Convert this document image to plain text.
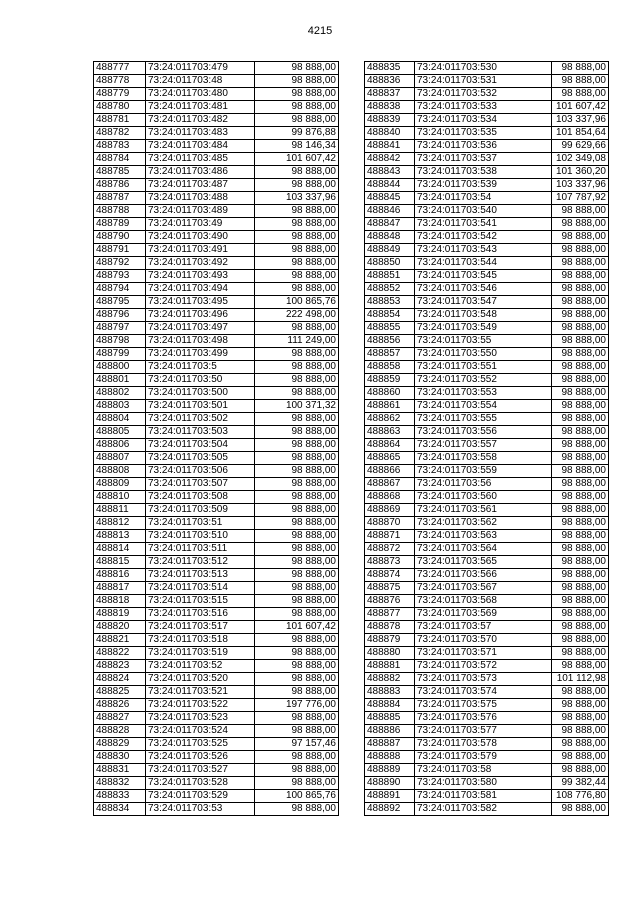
4215
488777	73:24:011703:479	98 888,00
488778	73:24:011703:48	98 888,00
488779	73:24:011703:480	98 888,00
488780	73:24:011703:481	98 888,00
488781	73:24:011703:482	98 888,00
488782	73:24:011703:483	99 876,88
488783	73:24:011703:484	98 146,34
488784	73:24:011703:485	101 607,42
488785	73:24:011703:486	98 888,00
488786	73:24:011703:487	98 888,00
488787	73:24:011703:488	103 337,96
488788	73:24:011703:489	98 888,00
488789	73:24:011703:49	98 888,00
488790	73:24:011703:490	98 888,00
488791	73:24:011703:491	98 888,00
488792	73:24:011703:492	98 888,00
488793	73:24:011703:493	98 888,00
488794	73:24:011703:494	98 888,00
488795	73:24:011703:495	100 865,76
488796	73:24:011703:496	222 498,00
488797	73:24:011703:497	98 888,00
488798	73:24:011703:498	111 249,00
488799	73:24:011703:499	98 888,00
488800	73:24:011703:5	98 888,00
488801	73:24:011703:50	98 888,00
488802	73:24:011703:500	98 888,00
488803	73:24:011703:501	100 371,32
488804	73:24:011703:502	98 888,00
488805	73:24:011703:503	98 888,00
488806	73:24:011703:504	98 888,00
488807	73:24:011703:505	98 888,00
488808	73:24:011703:506	98 888,00
488809	73:24:011703:507	98 888,00
488810	73:24:011703:508	98 888,00
488811	73:24:011703:509	98 888,00
488812	73:24:011703:51	98 888,00
488813	73:24:011703:510	98 888,00
488814	73:24:011703:511	98 888,00
488815	73:24:011703:512	98 888,00
488816	73:24:011703:513	98 888,00
488817	73:24:011703:514	98 888,00
488818	73:24:011703:515	98 888,00
488819	73:24:011703:516	98 888,00
488820	73:24:011703:517	101 607,42
488821	73:24:011703:518	98 888,00
488822	73:24:011703:519	98 888,00
488823	73:24:011703:52	98 888,00
488824	73:24:011703:520	98 888,00
488825	73:24:011703:521	98 888,00
488826	73:24:011703:522	197 776,00
488827	73:24:011703:523	98 888,00
488828	73:24:011703:524	98 888,00
488829	73:24:011703:525	97 157,46
488830	73:24:011703:526	98 888,00
488831	73:24:011703:527	98 888,00
488832	73:24:011703:528	98 888,00
488833	73:24:011703:529	100 865,76
488834	73:24:011703:53	98 888,00
488835	73:24:011703:530	98 888,00
488836	73:24:011703:531	98 888,00
488837	73:24:011703:532	98 888,00
488838	73:24:011703:533	101 607,42
488839	73:24:011703:534	103 337,96
488840	73:24:011703:535	101 854,64
488841	73:24:011703:536	99 629,66
488842	73:24:011703:537	102 349,08
488843	73:24:011703:538	101 360,20
488844	73:24:011703:539	103 337,96
488845	73:24:011703:54	107 787,92
488846	73:24:011703:540	98 888,00
488847	73:24:011703:541	98 888,00
488848	73:24:011703:542	98 888,00
488849	73:24:011703:543	98 888,00
488850	73:24:011703:544	98 888,00
488851	73:24:011703:545	98 888,00
488852	73:24:011703:546	98 888,00
488853	73:24:011703:547	98 888,00
488854	73:24:011703:548	98 888,00
488855	73:24:011703:549	98 888,00
488856	73:24:011703:55	98 888,00
488857	73:24:011703:550	98 888,00
488858	73:24:011703:551	98 888,00
488859	73:24:011703:552	98 888,00
488860	73:24:011703:553	98 888,00
488861	73:24:011703:554	98 888,00
488862	73:24:011703:555	98 888,00
488863	73:24:011703:556	98 888,00
488864	73:24:011703:557	98 888,00
488865	73:24:011703:558	98 888,00
488866	73:24:011703:559	98 888,00
488867	73:24:011703:56	98 888,00
488868	73:24:011703:560	98 888,00
488869	73:24:011703:561	98 888,00
488870	73:24:011703:562	98 888,00
488871	73:24:011703:563	98 888,00
488872	73:24:011703:564	98 888,00
488873	73:24:011703:565	98 888,00
488874	73:24:011703:566	98 888,00
488875	73:24:011703:567	98 888,00
488876	73:24:011703:568	98 888,00
488877	73:24:011703:569	98 888,00
488878	73:24:011703:57	98 888,00
488879	73:24:011703:570	98 888,00
488880	73:24:011703:571	98 888,00
488881	73:24:011703:572	98 888,00
488882	73:24:011703:573	101 112,98
488883	73:24:011703:574	98 888,00
488884	73:24:011703:575	98 888,00
488885	73:24:011703:576	98 888,00
488886	73:24:011703:577	98 888,00
488887	73:24:011703:578	98 888,00
488888	73:24:011703:579	98 888,00
488889	73:24:011703:58	98 888,00
488890	73:24:011703:580	99 382,44
488891	73:24:011703:581	108 776,80
488892	73:24:011703:582	98 888,00
